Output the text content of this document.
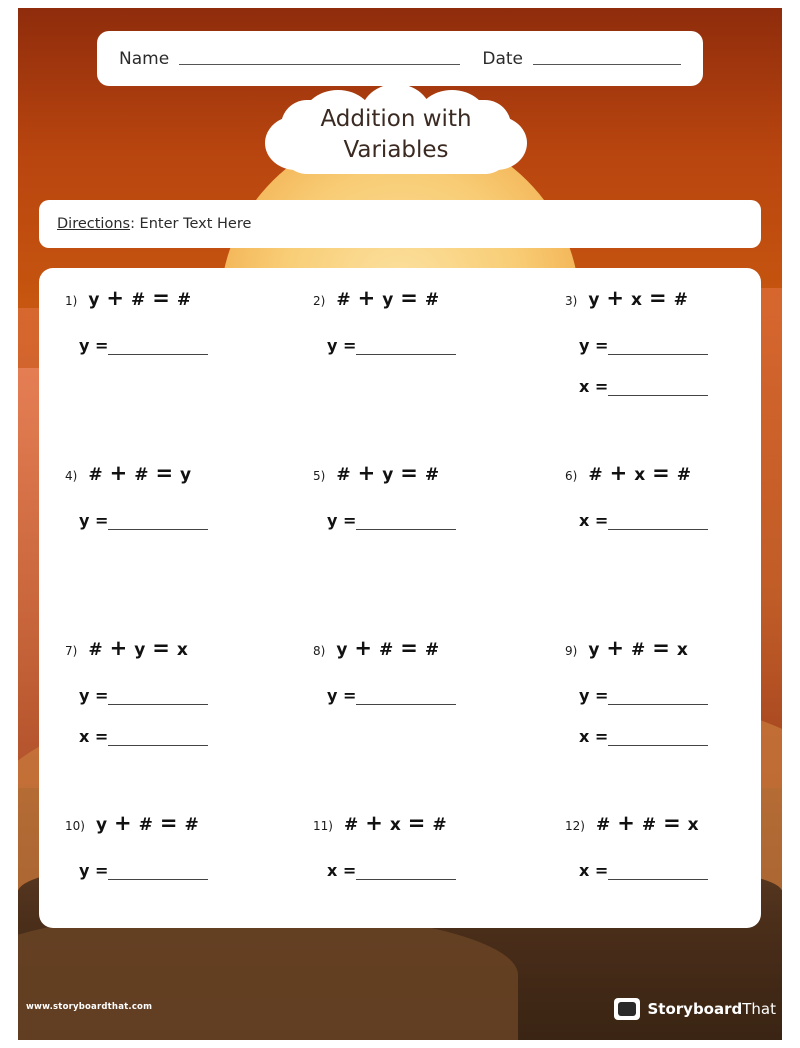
Name	Date
Addition with Variables
Directions : Enter Text Here
1) y + # = #
y =
2) # + y = #
y =
3) y + x = #
y =
x =
4) # + # = y
y =
5) # + y = #
y =
6) # + x = #
x =
7) # + y = x
y =
x =
8) y + # = #
y =
9) y + # = x
y =
x =
10) y + # = #
y =
11) # + x = #
x =
12) # + # = x
x =
www.storyboardthat.com	StoryboardThat
